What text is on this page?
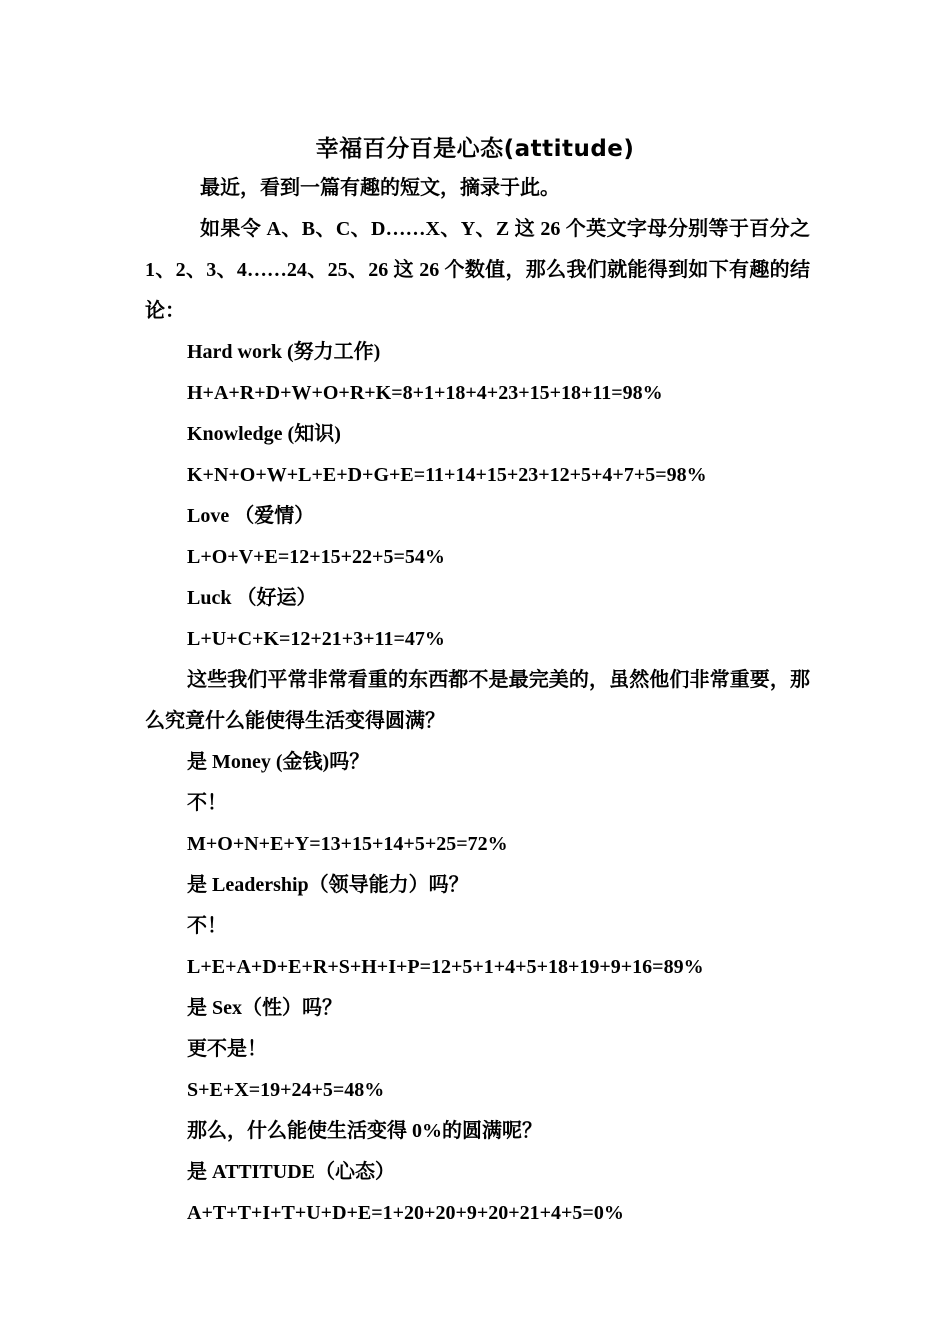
幸福百分百是心态(attitude)

最近，看到一篇有趣的短文，摘录于此。

如果令 A、B、C、D……X、Y、Z 这 26 个英文字母分别等于百分之 1、2、3、4……24、25、26 这 26 个数值，那么我们就能得到如下有趣的结论：

Hard work (努力工作)

H+A+R+D+W+O+R+K=8+1+18+4+23+15+18+11=98%

Knowledge (知识)

K+N+O+W+L+E+D+G+E=11+14+15+23+12+5+4+7+5=98%

Love （爱情）

L+O+V+E=12+15+22+5=54%

Luck （好运）

L+U+C+K=12+21+3+11=47%

这些我们平常非常看重的东西都不是最完美的，虽然他们非常重要，那么究竟什么能使得生活变得圆满？

是 Money (金钱)吗？

不！

M+O+N+E+Y=13+15+14+5+25=72%

是 Leadership（领导能力）吗？

不！

L+E+A+D+E+R+S+H+I+P=12+5+1+4+5+18+19+9+16=89%

是 Sex（性）吗？

更不是！

S+E+X=19+24+5=48%

那么，什么能使生活变得 0%的圆满呢？

是 ATTITUDE（心态）

A+T+T+I+T+U+D+E=1+20+20+9+20+21+4+5=0%
